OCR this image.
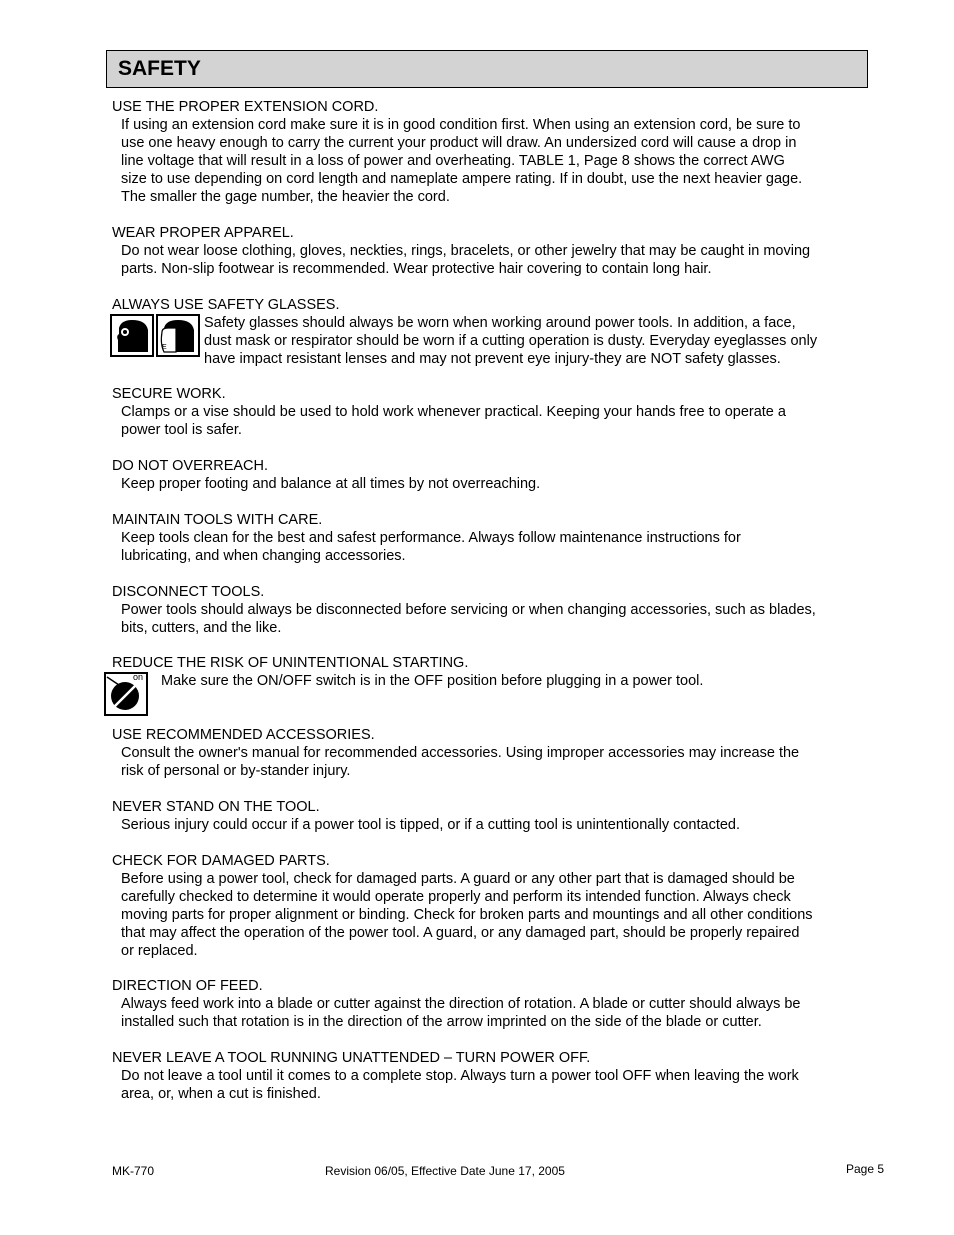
SAFETY
USE THE PROPER EXTENSION CORD.
If using an extension cord make sure it is in good condition first. When using an extension cord, be sure to
use one heavy enough to carry the current your product will draw. An undersized cord will cause a drop in
line voltage that will result in a loss of power and overheating. TABLE 1, Page 8 shows the correct AWG
size to use depending on cord length and nameplate ampere rating. If in doubt, use the next heavier gage.
The smaller the gage number, the heavier the cord.
WEAR PROPER APPAREL.
Do not wear loose clothing, gloves, neckties, rings, bracelets, or other jewelry that may be caught in moving
parts. Non-slip footwear is recommended. Wear protective hair covering to contain long hair.
ALWAYS USE SAFETY GLASSES.
E
Safety glasses should always be worn when working around power tools. In addition, a face,
dust mask or respirator should be worn if a cutting operation is dusty. Everyday eyeglasses only
have impact resistant lenses and may not prevent eye injury-they are NOT safety glasses.
SECURE WORK.
Clamps or a vise should be used to hold work whenever practical. Keeping your hands free to operate a
power tool is safer.
DO NOT OVERREACH.
Keep proper footing and balance at all times by not overreaching.
MAINTAIN TOOLS WITH CARE.
Keep tools clean for the best and safest performance. Always follow maintenance instructions for
lubricating, and when changing accessories.
DISCONNECT TOOLS.
Power tools should always be disconnected before servicing or when changing accessories, such as blades,
bits, cutters, and the like.
REDUCE THE RISK OF UNINTENTIONAL STARTING.
on Make sure the ON/OFF switch is in the OFF position before plugging in a power tool.
USE RECOMMENDED ACCESSORIES.
Consult the owner's manual for recommended accessories. Using improper accessories may increase the
risk of personal or by-stander injury.
NEVER STAND ON THE TOOL.
Serious injury could occur if a power tool is tipped, or if a cutting tool is unintentionally contacted.
CHECK FOR DAMAGED PARTS.
Before using a power tool, check for damaged parts. A guard or any other part that is damaged should be
carefully checked to determine it would operate properly and perform its intended function. Always check
moving parts for proper alignment or binding. Check for broken parts and mountings and all other conditions
that may affect the operation of the power tool. A guard, or any damaged part, should be properly repaired
or replaced.
DIRECTION OF FEED.
Always feed work into a blade or cutter against the direction of rotation. A blade or cutter should always be
installed such that rotation is in the direction of the arrow imprinted on the side of the blade or cutter.
NEVER LEAVE A TOOL RUNNING UNATTENDED – TURN POWER OFF.
Do not leave a tool until it comes to a complete stop. Always turn a power tool OFF when leaving the work
area, or, when a cut is finished.
MK-770	Revision 06/05, Effective Date June 17, 2005	Page 5
